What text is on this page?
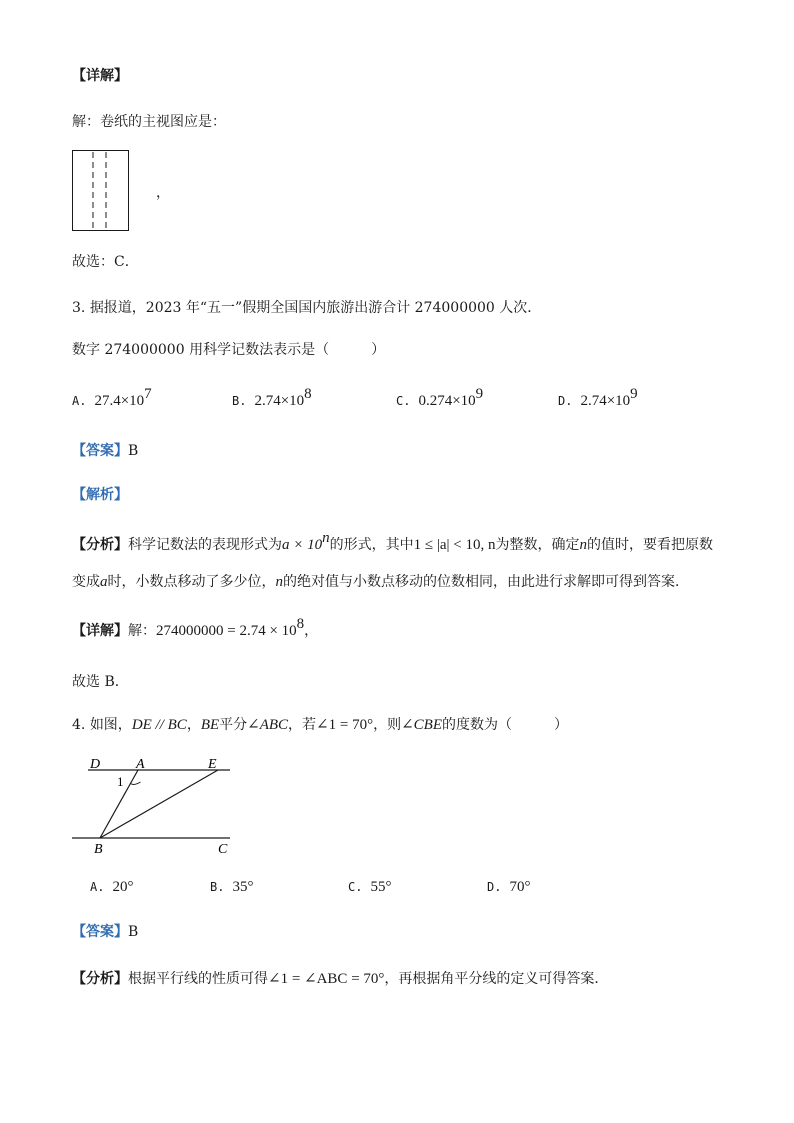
【详解】
解：卷纸的主视图应是：
，
故选：C．
3. 据报道，2023 年“五一”假期全国国内旅游出游合计 274000000 人次．
数字 274000000 用科学记数法表示是（　　　）
A. $27.4\times 10^7$	B. $2.74\times 10^8$	C. $0.274\times 10^9$	D. $2.74\times 10^9$
【答案】B
【解析】
【分析】科学记数法的表现形式为$a \times 10^n$的形式，其中1 ≤ |a| < 10, n为整数，确定n的值时，要看把原数
变成a时，小数点移动了多少位，n的绝对值与小数点移动的位数相同，由此进行求解即可得到答案．
【详解】解：$274000000 = 2.74 \times 10^8$，
故选 B．
4. 如图，DE // BC，BE平分∠ABC，若∠1 = 70°，则∠CBE的度数为（　　　）
D	A	E
1
B	C
A. 20°	B. 35°	C. 55°	D. 70°
【答案】B
【分析】根据平行线的性质可得∠1 = ∠ABC = 70°，再根据角平分线的定义可得答案．
